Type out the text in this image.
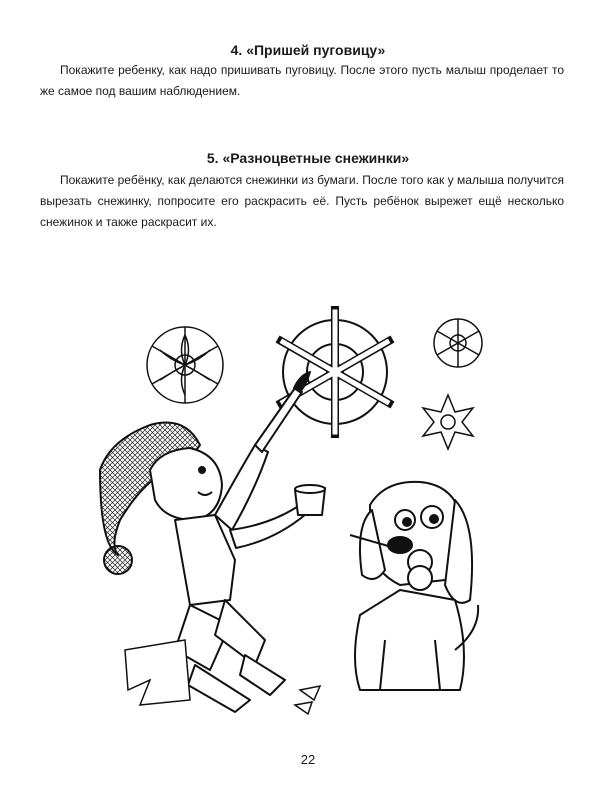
4. «Пришей пуговицу»

Покажите ребенку, как надо пришивать пуговицу. После этого пусть малыш проделает то же самое под вашим наблюдением.

5. «Разноцветные снежинки»

Покажите ребёнку, как делаются снежинки из бумаги. После того как у малыша получится вырезать снежинку, попросите его раскрасить её. Пусть ребёнок вырежет ещё несколько снежинок и также раскрасит их.

22
